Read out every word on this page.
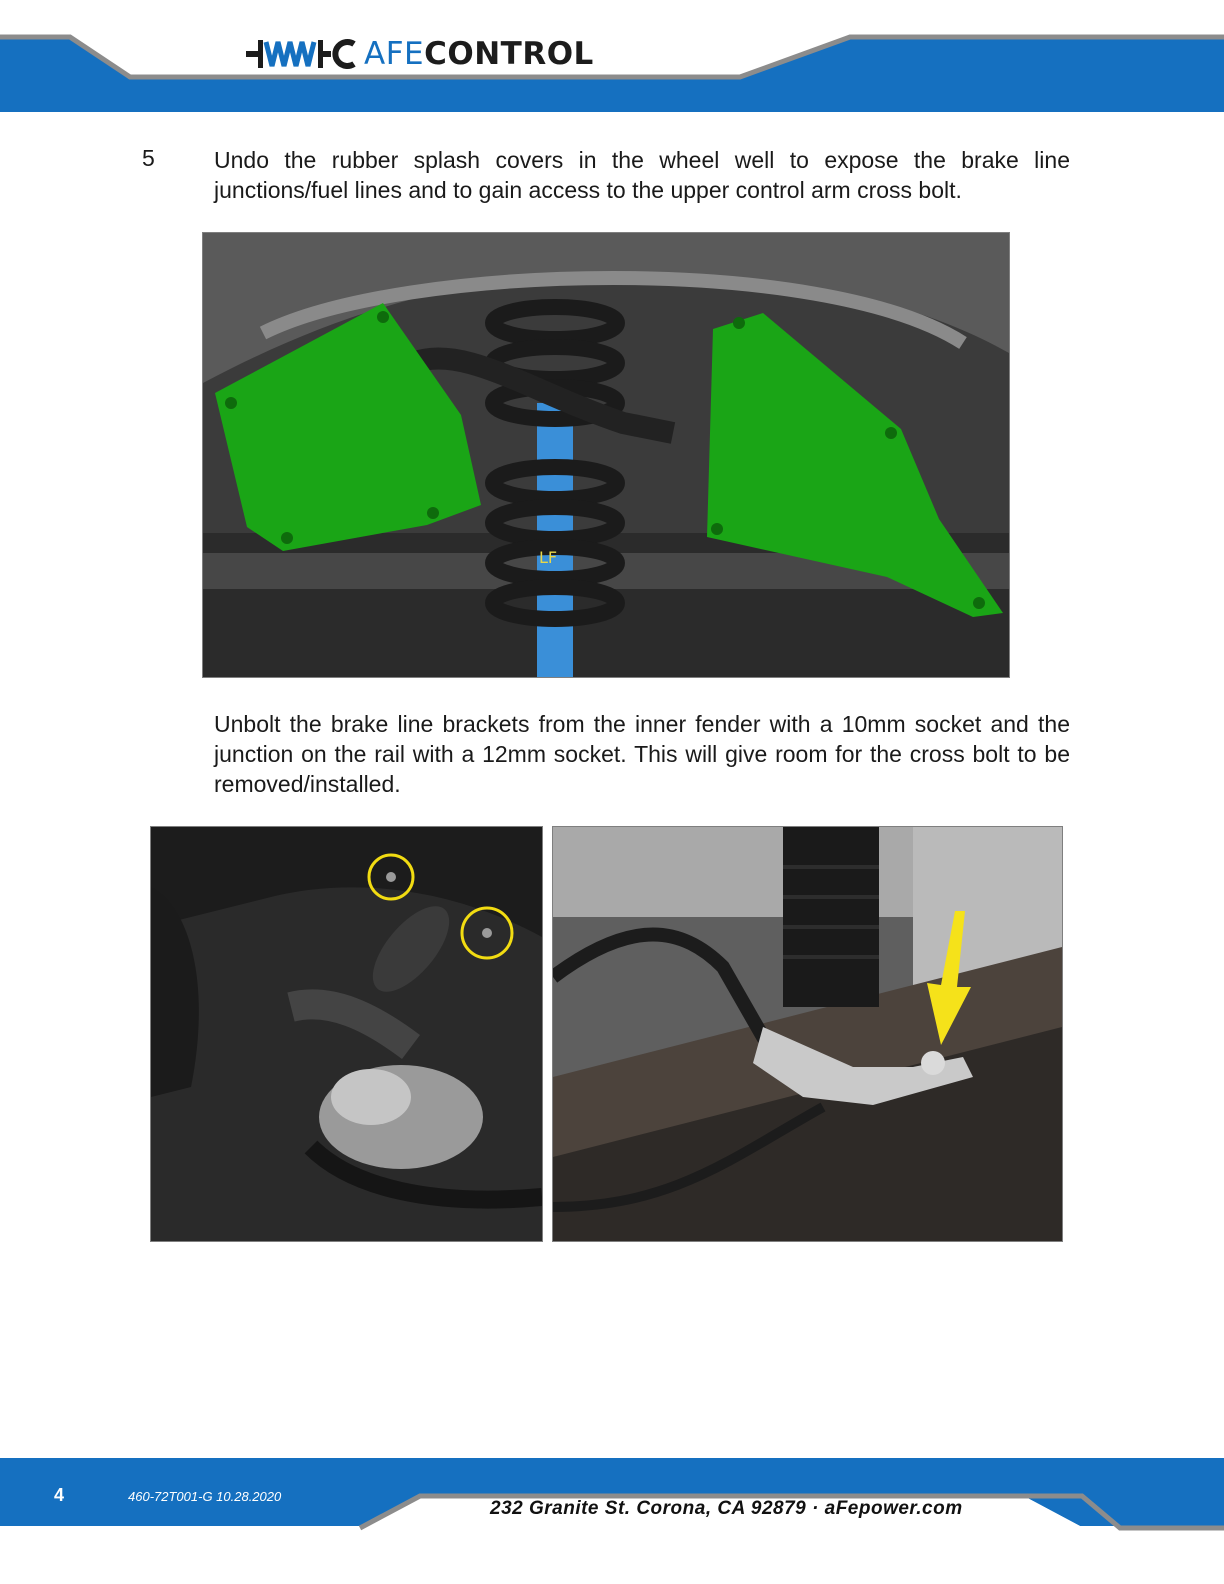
AFECONTROL
5	Undo the rubber splash covers in the wheel well to expose the brake line junctions/fuel lines and to gain access to the upper control arm cross bolt.
LF
Unbolt the brake line brackets from the inner fender with a 10mm socket and the junction on the rail with a 12mm socket. This will give room for the cross bolt to be removed/installed.
4	460-72T001-G 10.28.2020
232 Granite St. Corona, CA 92879 · aFepower.com
